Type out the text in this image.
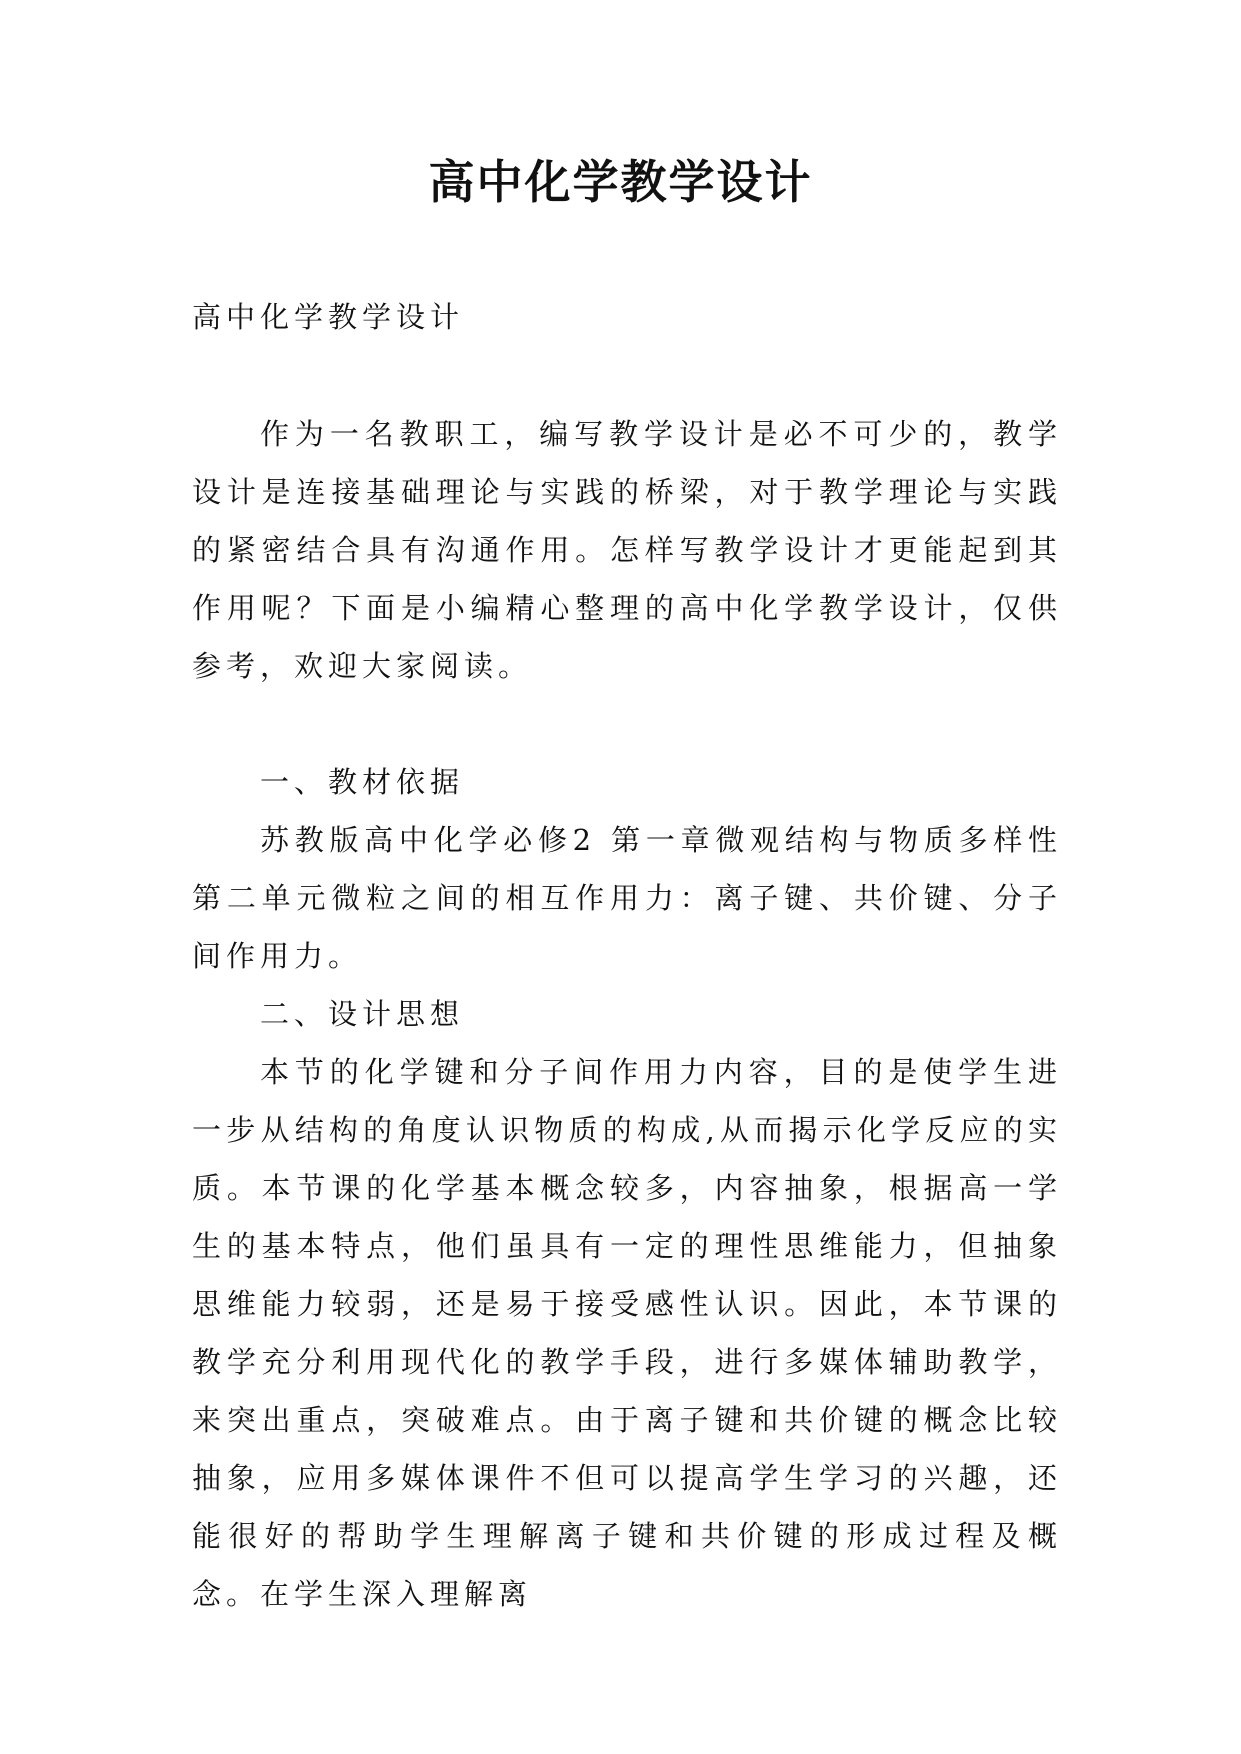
高中化学教学设计

高中化学教学设计

作为一名教职工，编写教学设计是必不可少的，教学设计是连接基础理论与实践的桥梁，对于教学理论与实践的紧密结合具有沟通作用。怎样写教学设计才更能起到其作用呢？下面是小编精心整理的高中化学教学设计，仅供参考，欢迎大家阅读。

一、教材依据

苏教版高中化学必修2 第一章微观结构与物质多样性 第二单元微粒之间的相互作用力：离子键、共价键、分子间作用力。

二、设计思想

本节的化学键和分子间作用力内容，目的是使学生进一步从结构的角度认识物质的构成,从而揭示化学反应的实质。本节课的化学基本概念较多，内容抽象，根据高一学生的基本特点，他们虽具有一定的理性思维能力，但抽象思维能力较弱，还是易于接受感性认识。因此，本节课的教学充分利用现代化的教学手段，进行多媒体辅助教学，来突出重点，突破难点。由于离子键和共价键的概念比较抽象，应用多媒体课件不但可以提高学生学习的兴趣，还能很好的帮助学生理解离子键和共价键的形成过程及概念。在学生深入理解离
